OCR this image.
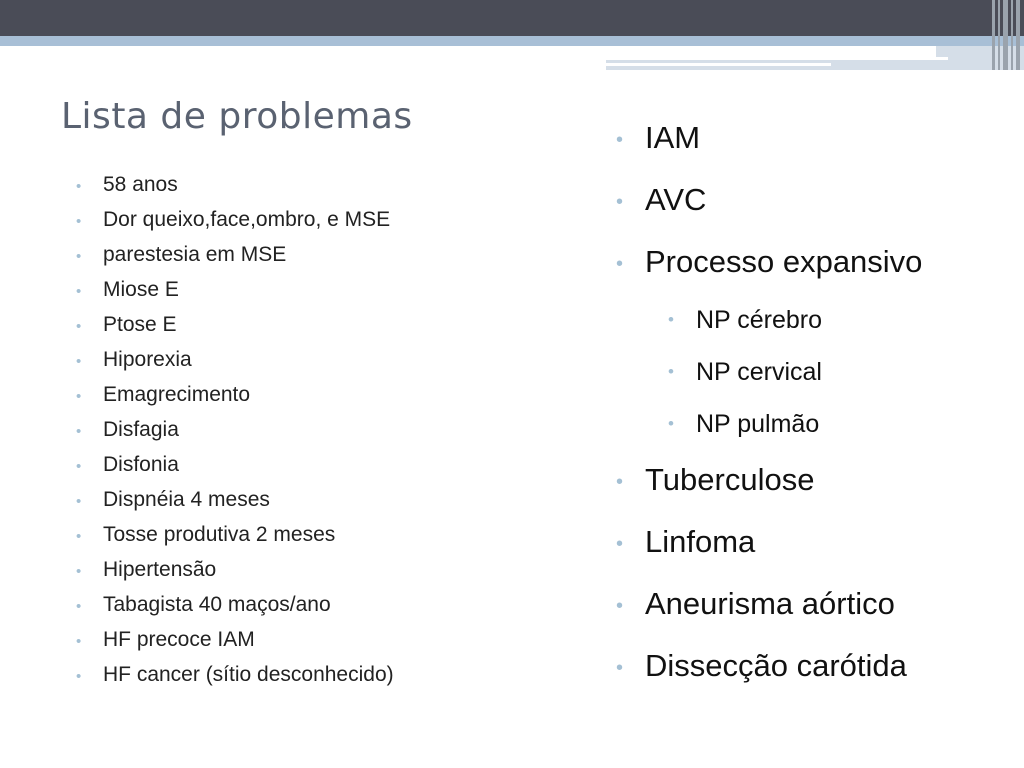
Lista de problemas
• 58 anos
• Dor queixo,face,ombro, e MSE
• parestesia em MSE
• Miose E
• Ptose E
• Hiporexia
• Emagrecimento
• Disfagia
• Disfonia
• Dispnéia 4 meses
• Tosse produtiva 2 meses
• Hipertensão
• Tabagista 40 maços/ano
• HF precoce IAM
• HF cancer (sítio desconhecido)
• IAM
• AVC
• Processo expansivo
• NP cérebro
• NP cervical
• NP pulmão
• Tuberculose
• Linfoma
• Aneurisma aórtico
• Dissecção carótida
